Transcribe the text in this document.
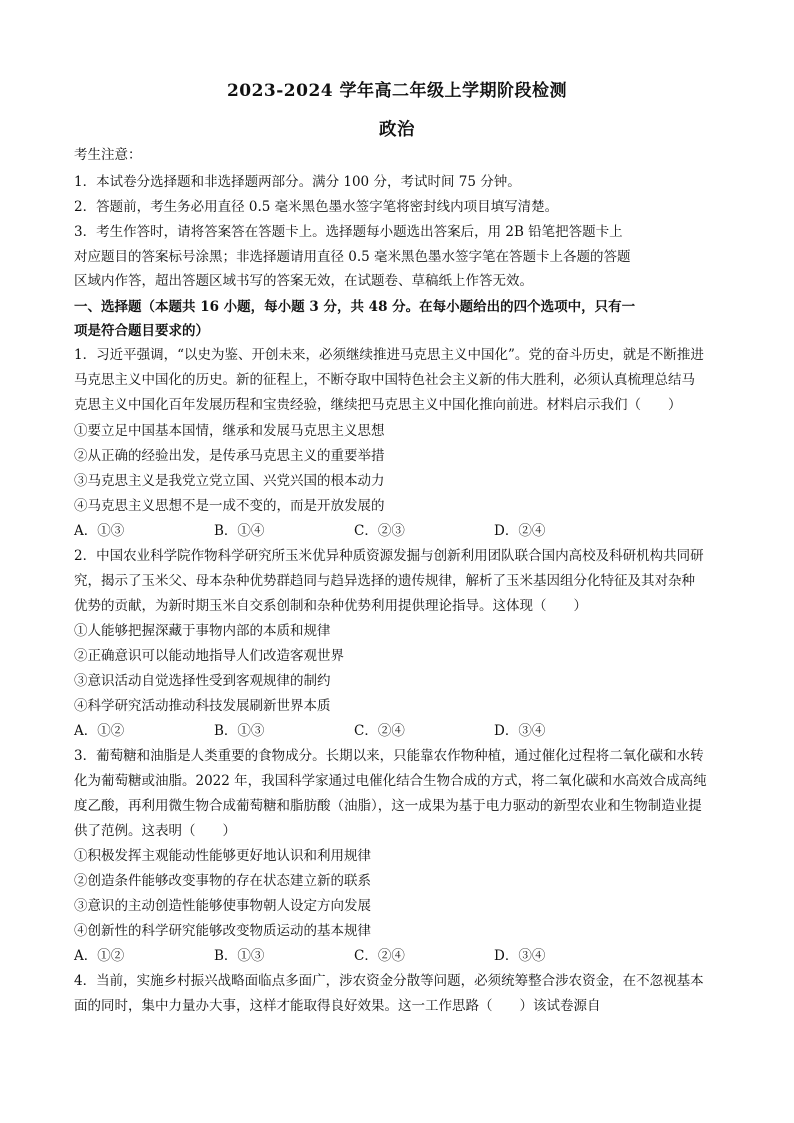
2023-2024 学年高二年级上学期阶段检测
政治
考生注意：
1．本试卷分选择题和非选择题两部分。满分 100 分，考试时间 75 分钟。
2．答题前，考生务必用直径 0.5 毫米黑色墨水签字笔将密封线内项目填写清楚。
3．考生作答时，请将答案答在答题卡上。选择题每小题选出答案后，用 2B 铅笔把答题卡上
对应题目的答案标号涂黑；非选择题请用直径 0.5 毫米黑色墨水签字笔在答题卡上各题的答题
区域内作答，超出答题区域书写的答案无效，在试题卷、草稿纸上作答无效。
一、选择题（本题共 16 小题，每小题 3 分，共 48 分。在每小题给出的四个选项中，只有一
项是符合题目要求的）
1．习近平强调，“以史为鉴、开创未来，必须继续推进马克思主义中国化”。党的奋斗历史，就是不断推进
马克思主义中国化的历史。新的征程上，不断夺取中国特色社会主义新的伟大胜利，必须认真梳理总结马
克思主义中国化百年发展历程和宝贵经验，继续把马克思主义中国化推向前进。材料启示我们（　　）
①要立足中国基本国情，继承和发展马克思主义思想
②从正确的经验出发，是传承马克思主义的重要举措
③马克思主义是我党立党立国、兴党兴国的根本动力
④马克思主义思想不是一成不变的，而是开放发展的
A．①③	B．①④	C．②③	D．②④
2．中国农业科学院作物科学研究所玉米优异种质资源发掘与创新利用团队联合国内高校及科研机构共同研
究，揭示了玉米父、母本杂种优势群趋同与趋异选择的遗传规律，解析了玉米基因组分化特征及其对杂种
优势的贡献，为新时期玉米自交系创制和杂种优势利用提供理论指导。这体现（　　）
①人能够把握深藏于事物内部的本质和规律
②正确意识可以能动地指导人们改造客观世界
③意识活动自觉选择性受到客观规律的制约
④科学研究活动推动科技发展刷新世界本质
A．①②	B．①③	C．②④	D．③④
3．葡萄糖和油脂是人类重要的食物成分。长期以来，只能靠农作物种植，通过催化过程将二氧化碳和水转
化为葡萄糖或油脂。2022 年，我国科学家通过电催化结合生物合成的方式，将二氧化碳和水高效合成高纯
度乙酸，再利用微生物合成葡萄糖和脂肪酸（油脂），这一成果为基于电力驱动的新型农业和生物制造业提
供了范例。这表明（　　）
①积极发挥主观能动性能够更好地认识和利用规律
②创造条件能够改变事物的存在状态建立新的联系
③意识的主动创造性能够使事物朝人设定方向发展
④创新性的科学研究能够改变物质运动的基本规律
A．①②	B．①③	C．②④	D．③④
4．当前，实施乡村振兴战略面临点多面广，涉农资金分散等问题，必须统筹整合涉农资金，在不忽视基本
面的同时，集中力量办大事，这样才能取得良好效果。这一工作思路（　　）该试卷源自
